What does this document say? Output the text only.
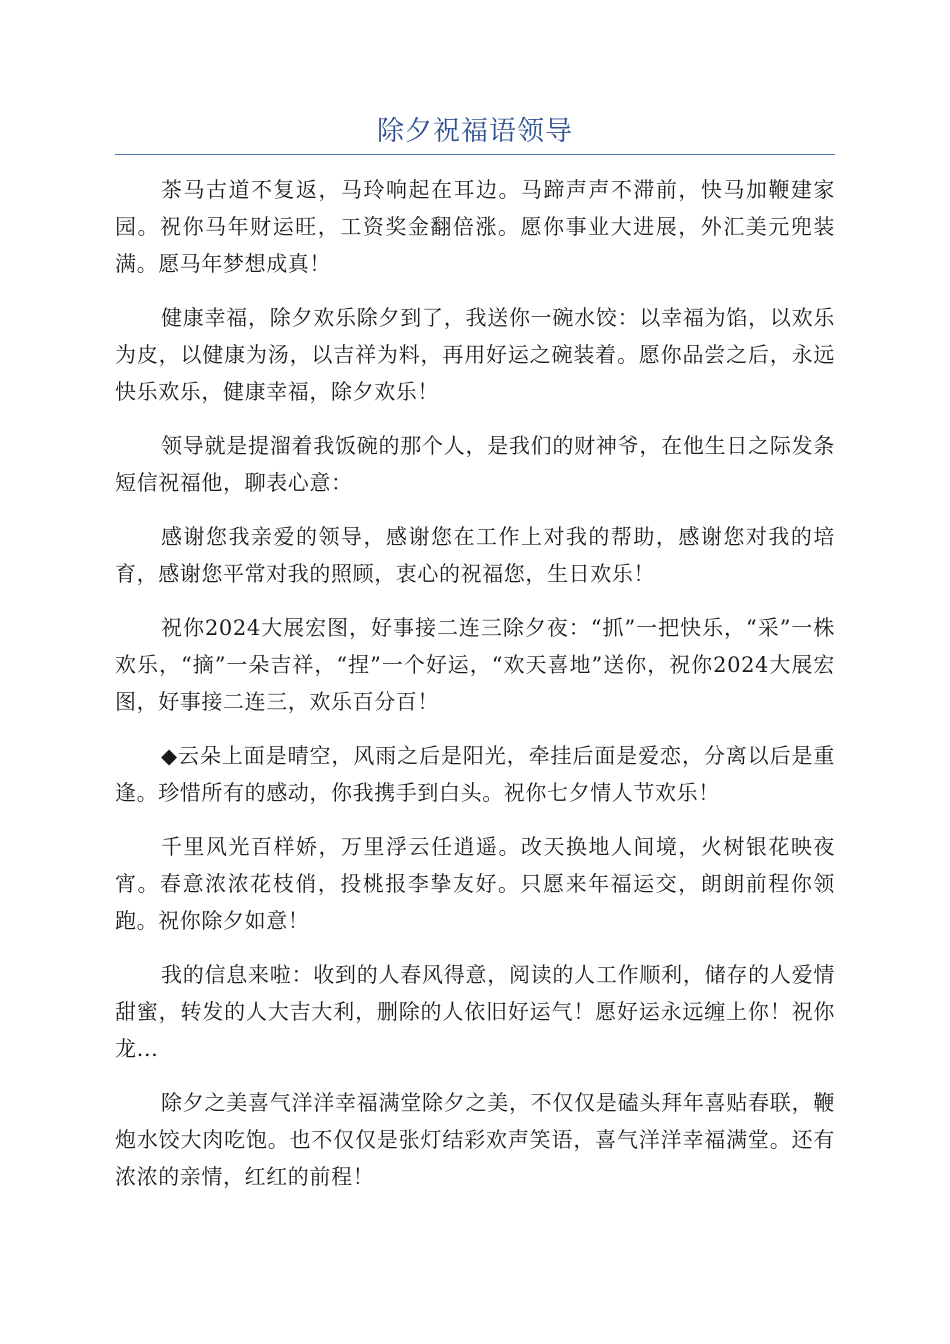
除夕祝福语领导

茶马古道不复返，马玲响起在耳边。马蹄声声不滞前，快马加鞭建家园。祝你马年财运旺，工资奖金翻倍涨。愿你事业大进展，外汇美元兜装满。愿马年梦想成真！

健康幸福，除夕欢乐除夕到了，我送你一碗水饺：以幸福为馅，以欢乐为皮，以健康为汤，以吉祥为料，再用好运之碗装着。愿你品尝之后，永远快乐欢乐，健康幸福，除夕欢乐！

领导就是提溜着我饭碗的那个人，是我们的财神爷，在他生日之际发条短信祝福他，聊表心意：

感谢您我亲爱的领导，感谢您在工作上对我的帮助，感谢您对我的培育，感谢您平常对我的照顾，衷心的祝福您，生日欢乐！

祝你2024大展宏图，好事接二连三除夕夜：“抓”一把快乐，“采”一株欢乐，“摘”一朵吉祥，“捏”一个好运，“欢天喜地”送你，祝你2024大展宏图，好事接二连三，欢乐百分百！

◆云朵上面是晴空，风雨之后是阳光，牵挂后面是爱恋，分离以后是重逢。珍惜所有的感动，你我携手到白头。祝你七夕情人节欢乐！

千里风光百样娇，万里浮云任逍遥。改天换地人间境，火树银花映夜宵。春意浓浓花枝俏，投桃报李挚友好。只愿来年福运交，朗朗前程你领跑。祝你除夕如意！

我的信息来啦：收到的人春风得意，阅读的人工作顺利，储存的人爱情甜蜜，转发的人大吉大利，删除的人依旧好运气！愿好运永远缠上你！祝你龙...

除夕之美喜气洋洋幸福满堂除夕之美，不仅仅是磕头拜年喜贴春联，鞭炮水饺大肉吃饱。也不仅仅是张灯结彩欢声笑语，喜气洋洋幸福满堂。还有浓浓的亲情，红红的前程！
